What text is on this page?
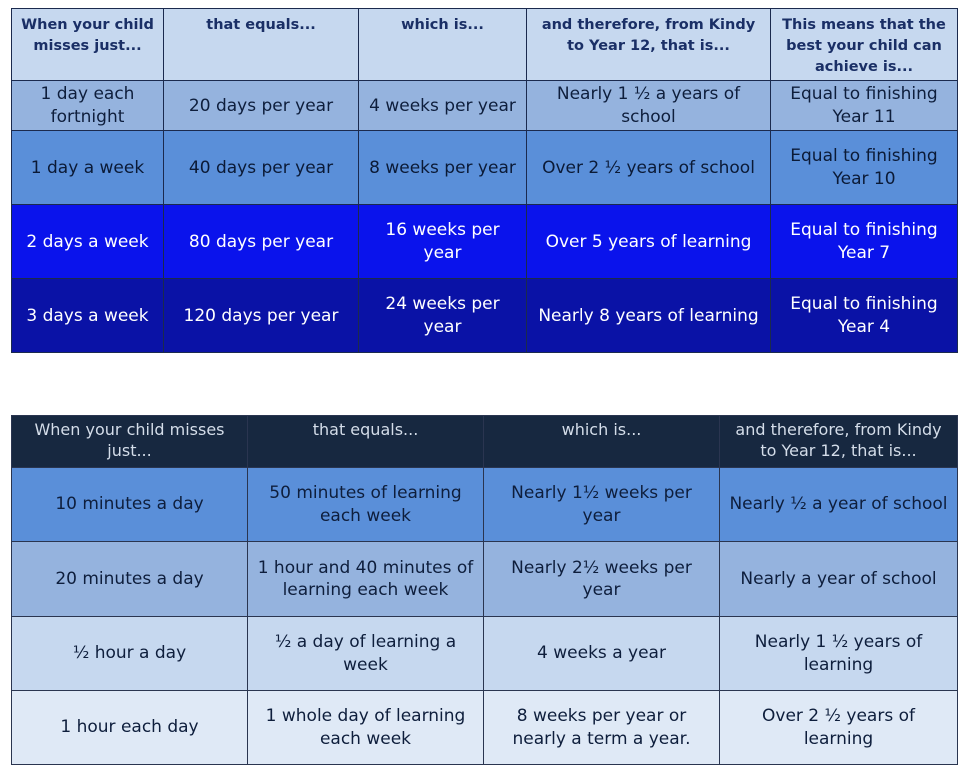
When your child misses just...	that equals...	which is...	and therefore, from Kindy to Year 12, that is...	This means that the best your child can achieve is...
1 day each fortnight	20 days per year	4 weeks per year	Nearly 1 ½ a years of school	Equal to finishing Year 11
1 day a week	40 days per year	8 weeks per year	Over 2 ½ years of school	Equal to finishing Year 10
2 days a week	80 days per year	16 weeks per year	Over 5 years of learning	Equal to finishing Year 7
3 days a week	120 days per year	24 weeks per year	Nearly 8 years of learning	Equal to finishing Year 4
When your child misses just...	that equals...	which is...	and therefore, from Kindy to Year 12, that is...
10 minutes a day	50 minutes of learning each week	Nearly 1½ weeks per year	Nearly ½ a year of school
20 minutes a day	1 hour and 40 minutes of learning each week	Nearly 2½ weeks per year	Nearly a year of school
½ hour a day	½ a day of learning a week	4 weeks a year	Nearly 1 ½ years of learning
1 hour each day	1 whole day of learning each week	8 weeks per year or nearly a term a year.	Over 2 ½ years of learning
